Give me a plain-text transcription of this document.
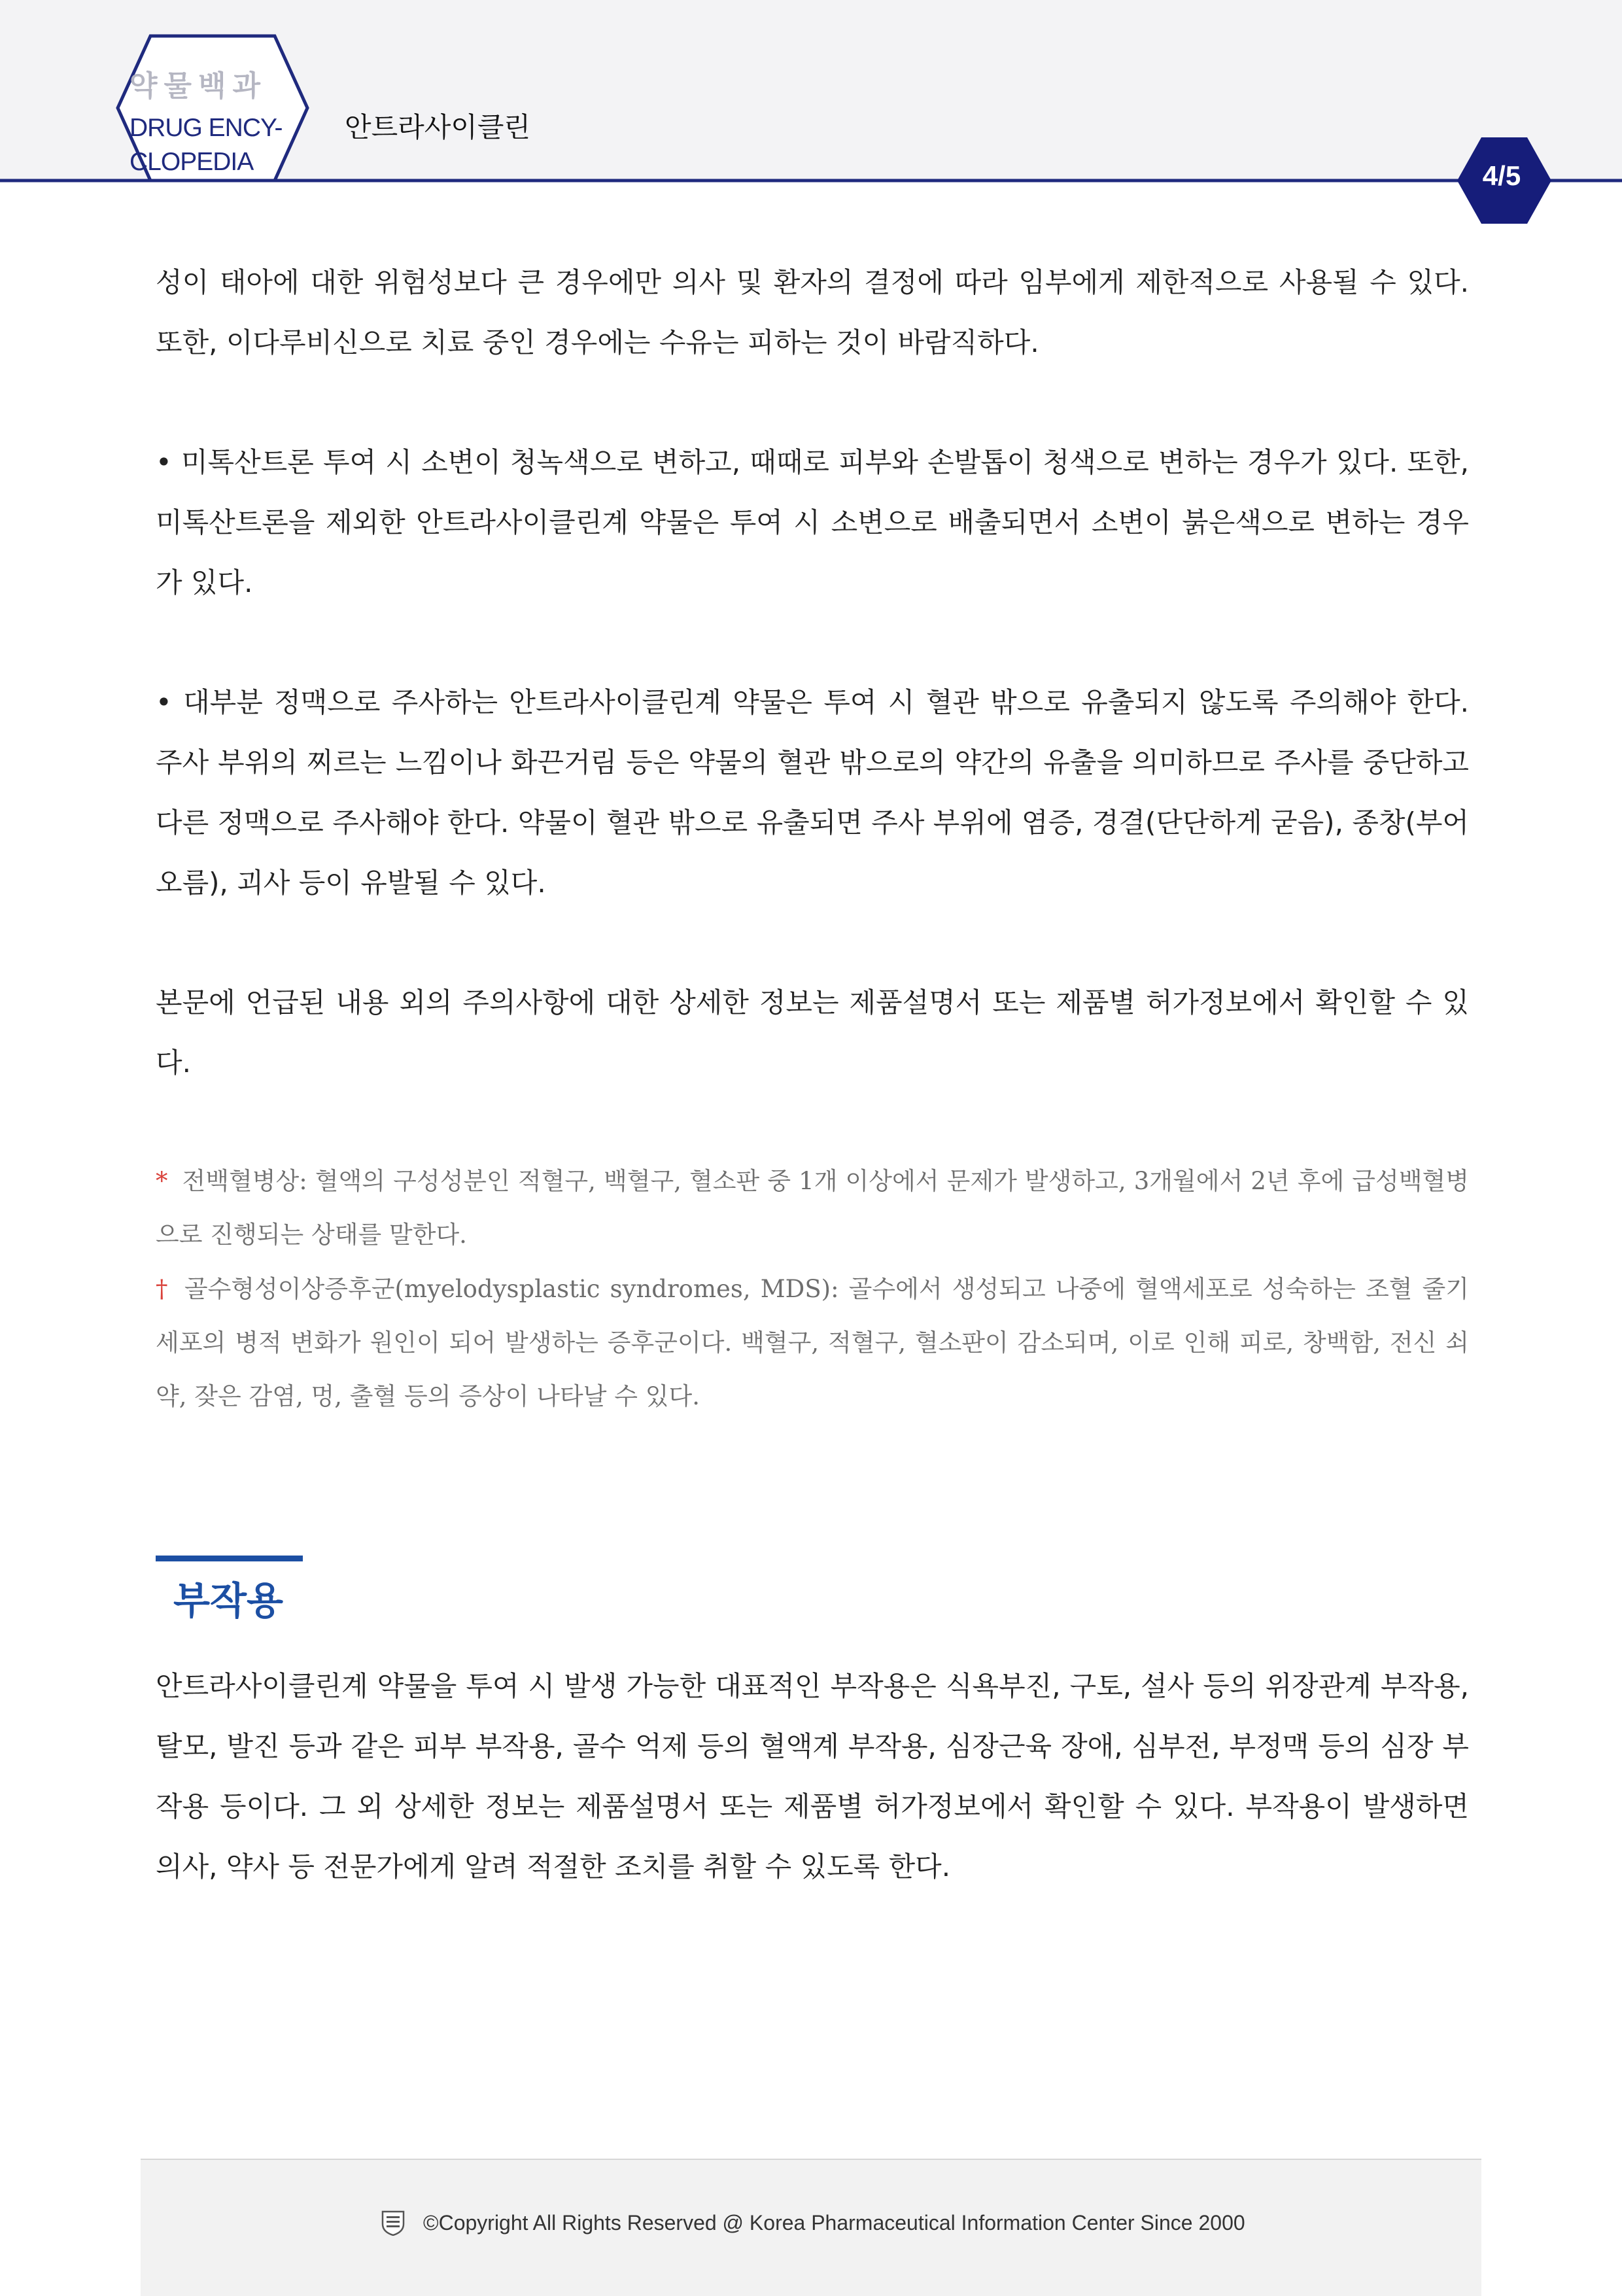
약물백과
DRUG ENCY-
CLOPEDIA
안트라사이클린
4/5
성이 태아에 대한 위험성보다 큰 경우에만 의사 및 환자의 결정에 따라 임부에게 제한적으로 사용될 수 있다. 또한, 이다루비신으로 치료 중인 경우에는 수유는 피하는 것이 바람직하다.
• 미톡산트론 투여 시 소변이 청녹색으로 변하고, 때때로 피부와 손발톱이 청색으로 변하는 경우가 있다. 또한, 미톡산트론을 제외한 안트라사이클린계 약물은 투여 시 소변으로 배출되면서 소변이 붉은색으로 변하는 경우가 있다.
• 대부분 정맥으로 주사하는 안트라사이클린계 약물은 투여 시 혈관 밖으로 유출되지 않도록 주의해야 한다. 주사 부위의 찌르는 느낌이나 화끈거림 등은 약물의 혈관 밖으로의 약간의 유출을 의미하므로 주사를 중단하고 다른 정맥으로 주사해야 한다. 약물이 혈관 밖으로 유출되면 주사 부위에 염증, 경결(단단하게 굳음), 종창(부어오름), 괴사 등이 유발될 수 있다.
본문에 언급된 내용 외의 주의사항에 대한 상세한 정보는 제품설명서 또는 제품별 허가정보에서 확인할 수 있다.
* 전백혈병상: 혈액의 구성성분인 적혈구, 백혈구, 혈소판 중 1개 이상에서 문제가 발생하고, 3개월에서 2년 후에 급성백혈병으로 진행되는 상태를 말한다.
† 골수형성이상증후군(myelodysplastic syndromes, MDS): 골수에서 생성되고 나중에 혈액세포로 성숙하는 조혈 줄기세포의 병적 변화가 원인이 되어 발생하는 증후군이다. 백혈구, 적혈구, 혈소판이 감소되며, 이로 인해 피로, 창백함, 전신 쇠약, 잦은 감염, 멍, 출혈 등의 증상이 나타날 수 있다.
부작용
안트라사이클린계 약물을 투여 시 발생 가능한 대표적인 부작용은 식욕부진, 구토, 설사 등의 위장관계 부작용, 탈모, 발진 등과 같은 피부 부작용, 골수 억제 등의 혈액계 부작용, 심장근육 장애, 심부전, 부정맥 등의 심장 부작용 등이다. 그 외 상세한 정보는 제품설명서 또는 제품별 허가정보에서 확인할 수 있다. 부작용이 발생하면 의사, 약사 등 전문가에게 알려 적절한 조치를 취할 수 있도록 한다.
©Copyright All Rights Reserved @ Korea Pharmaceutical Information Center Since 2000
